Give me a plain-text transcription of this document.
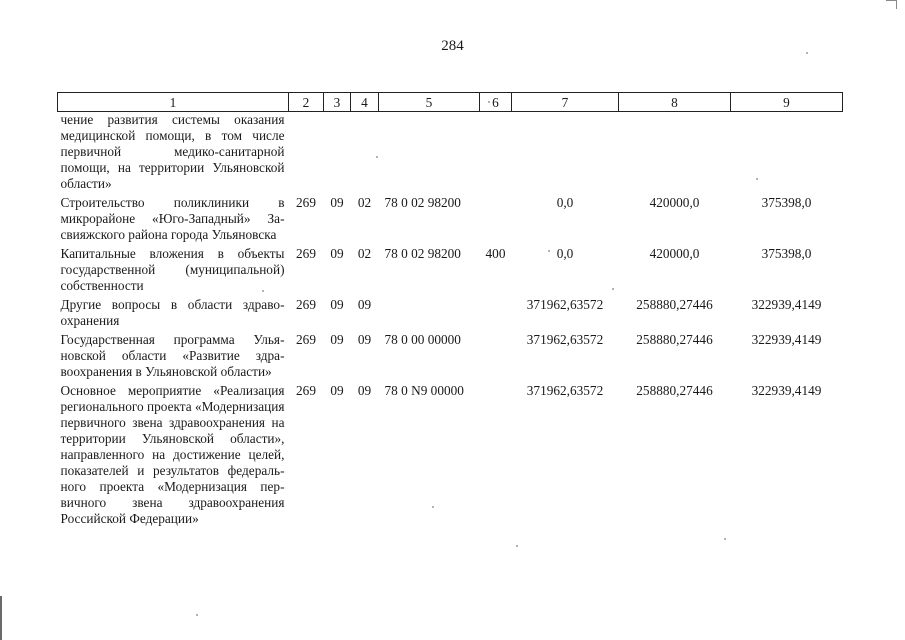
284
1	2	3	4	5	6	7	8	9
чение развития системы оказания медицинской помощи, в том числе первичной медико-санитарной помощи, на территории Ульяновской области»								
Строительство поликлиники в микрорайоне «Юго-Западный» Засвияжского района города Ульяновска	269	09	02	78 0 02 98200		0,0	420000,0	375398,0
Капитальные вложения в объекты государственной (муниципальной) собственности	269	09	02	78 0 02 98200	400	0,0	420000,0	375398,0
Другие вопросы в области здравоохранения	269	09	09			371962,63572	258880,27446	322939,4149
Государственная программа Ульяновской области «Развитие здравоохранения в Ульяновской области»	269	09	09	78 0 00 00000		371962,63572	258880,27446	322939,4149
Основное мероприятие «Реализация регионального проекта «Модернизация первичного звена здравоохранения на территории Ульяновской области», направленного на достижение целей, показателей и результатов федерального проекта «Модернизация первичного звена здравоохранения Российской Федерации»	269	09	09	78 0 N9 00000		371962,63572	258880,27446	322939,4149
